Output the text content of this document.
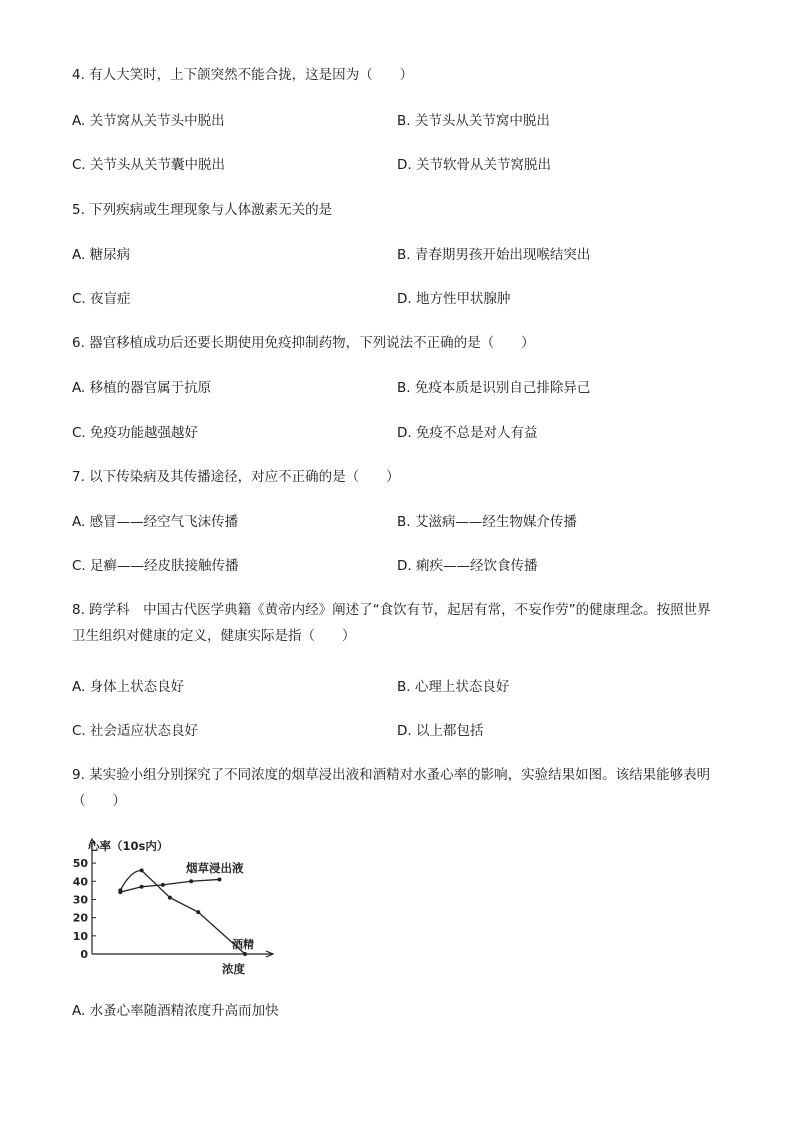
4. 有人大笑时，上下颌突然不能合拢，这是因为（　　）
A. 关节窝从关节头中脱出	B. 关节头从关节窝中脱出
C. 关节头从关节囊中脱出	D. 关节软骨从关节窝脱出
5. 下列疾病或生理现象与人体激素无关的是
A. 糖尿病	B. 青春期男孩开始出现喉结突出
C. 夜盲症	D. 地方性甲状腺肿
6. 器官移植成功后还要长期使用免疫抑制药物，下列说法不正确的是（　　）
A. 移植的器官属于抗原	B. 免疫本质是识别自己排除异己
C. 免疫功能越强越好	D. 免疫不总是对人有益
7. 以下传染病及其传播途径，对应不正确的是（　　）
A. 感冒——经空气飞沫传播	B. 艾滋病——经生物媒介传播
C. 足癣——经皮肤接触传播	D. 痢疾——经饮食传播
8. 跨学科　中国古代医学典籍《黄帝内经》阐述了“食饮有节，起居有常，不妄作劳”的健康理念。按照世界卫生组织对健康的定义，健康实际是指（　　）
A. 身体上状态良好	B. 心理上状态良好
C. 社会适应状态良好	D. 以上都包括
9. 某实验小组分别探究了不同浓度的烟草浸出液和酒精对水蚤心率的影响，实验结果如图。该结果能够表明（　　）
0
10
20
30
40
50
心率（10s内）
浓度
烟草浸出液
酒精
A. 水蚤心率随酒精浓度升高而加快
